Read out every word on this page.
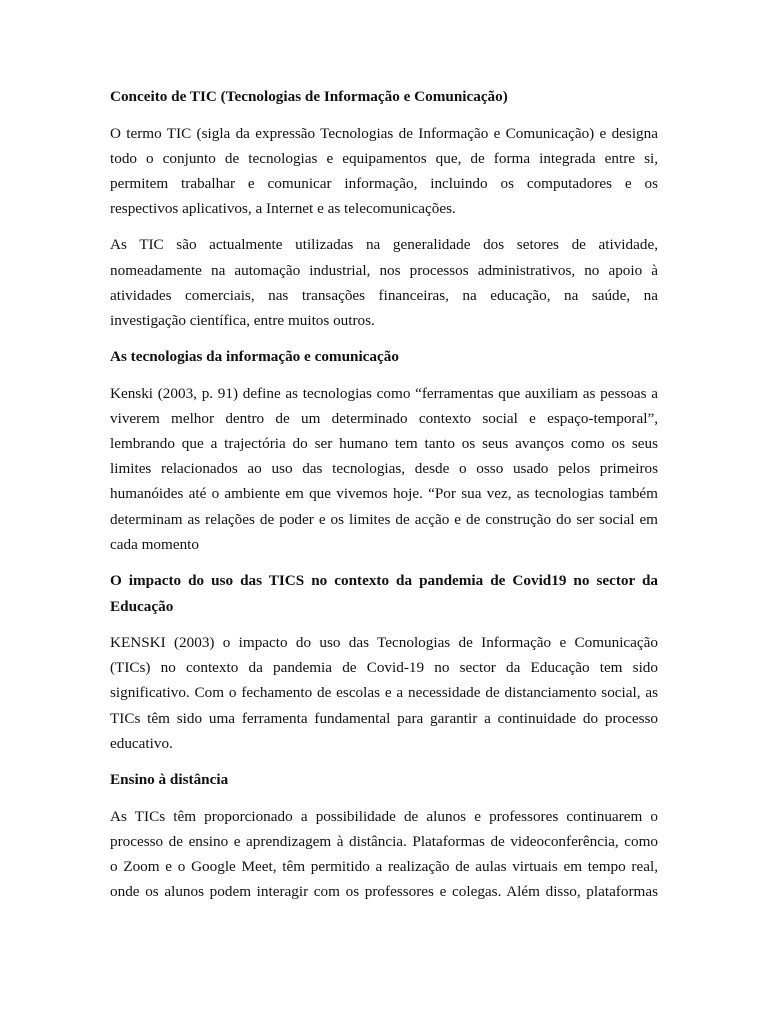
Conceito de TIC (Tecnologias de Informação e Comunicação)
O termo TIC (sigla da expressão Tecnologias de Informação e Comunicação) e designa
todo o conjunto de tecnologias e equipamentos que, de forma integrada entre si,
permitem trabalhar e comunicar informação, incluindo os computadores e os
respectivos aplicativos, a Internet e as telecomunicações.
As TIC são actualmente utilizadas na generalidade dos setores de atividade,
nomeadamente na automação industrial, nos processos administrativos, no apoio à
atividades comerciais, nas transações financeiras, na educação, na saúde, na
investigação científica, entre muitos outros.
As tecnologias da informação e comunicação
Kenski (2003, p. 91) define as tecnologias como “ferramentas que auxiliam as pessoas a
viverem melhor dentro de um determinado contexto social e espaço-temporal”,
lembrando que a trajectória do ser humano tem tanto os seus avanços como os seus
limites relacionados ao uso das tecnologias, desde o osso usado pelos primeiros
humanóides até o ambiente em que vivemos hoje. “Por sua vez, as tecnologias também
determinam as relações de poder e os limites de acção e de construção do ser social em
cada momento
O impacto do uso das TICS no contexto da pandemia de Covid19 no sector da
Educação
KENSKI (2003) o impacto do uso das Tecnologias de Informação e Comunicação
(TICs) no contexto da pandemia de Covid-19 no sector da Educação tem sido
significativo. Com o fechamento de escolas e a necessidade de distanciamento social, as
TICs têm sido uma ferramenta fundamental para garantir a continuidade do processo
educativo.
Ensino à distância
As TICs têm proporcionado a possibilidade de alunos e professores continuarem o
processo de ensino e aprendizagem à distância. Plataformas de videoconferência, como
o Zoom e o Google Meet, têm permitido a realização de aulas virtuais em tempo real,
onde os alunos podem interagir com os professores e colegas. Além disso, plataformas
